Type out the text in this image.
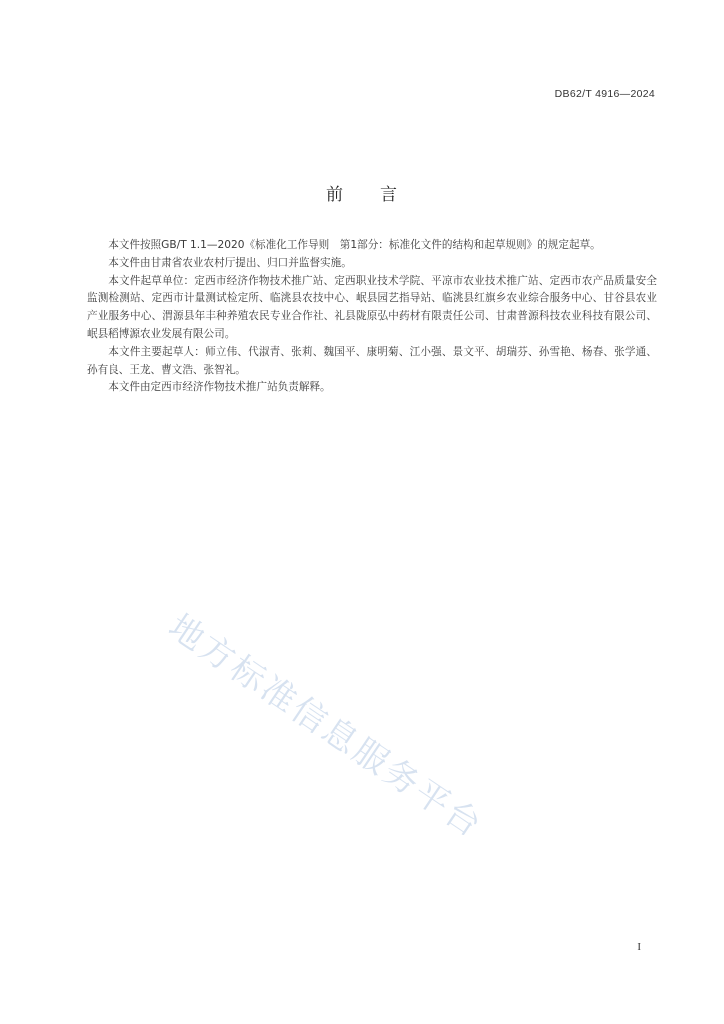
DB62/T 4916—2024
前　　言

本文件按照GB/T 1.1—2020《标准化工作导则　第1部分：标准化文件的结构和起草规则》的规定起草。

本文件由甘肃省农业农村厅提出、归口并监督实施。

本文件起草单位：定西市经济作物技术推广站、定西职业技术学院、平凉市农业技术推广站、定西市农产品质量安全监测检测站、定西市计量测试检定所、临洮县农技中心、岷县园艺指导站、临洮县红旗乡农业综合服务中心、甘谷县农业产业服务中心、渭源县年丰种养殖农民专业合作社、礼县陇原弘中药材有限责任公司、甘肃普源科技农业科技有限公司、岷县稻博源农业发展有限公司。

本文件主要起草人：师立伟、代淑青、张莉、魏国平、康明菊、江小强、景文平、胡瑞芬、孙雪艳、杨春、张学通、孙有良、王龙、曹文浩、张智礼。

本文件由定西市经济作物技术推广站负责解释。

地方标准信息服务平台
I
